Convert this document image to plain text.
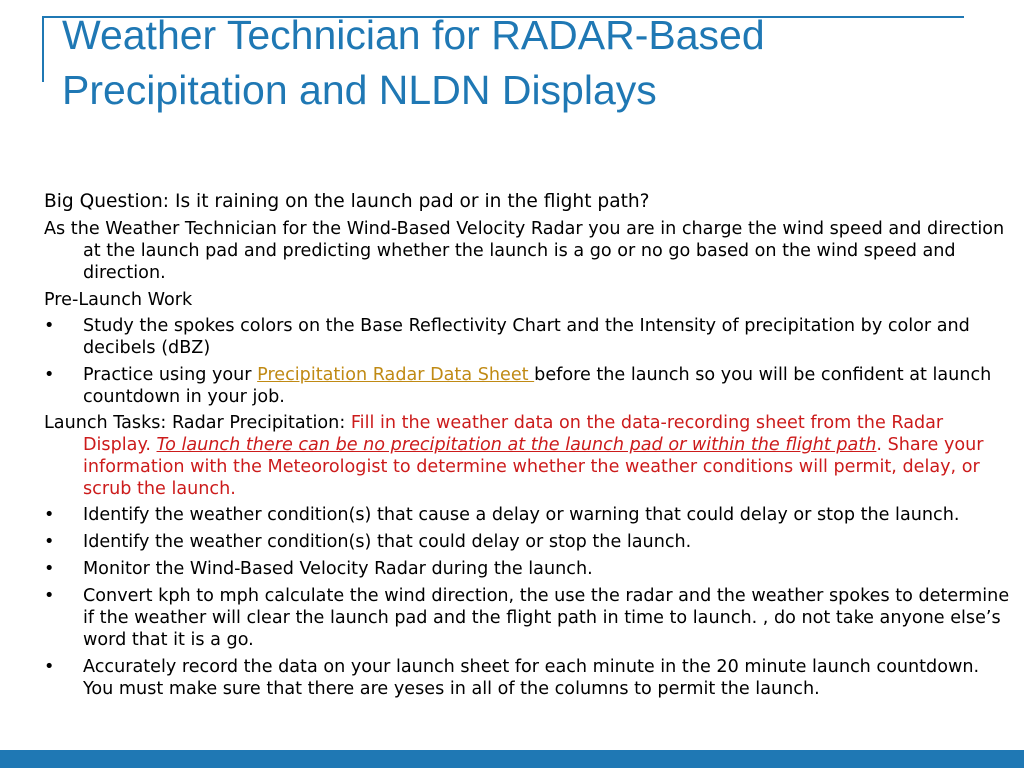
Weather Technician for RADAR-Based
Precipitation and NLDN Displays

Big Question: Is it raining on the launch pad or in the flight path?

As the Weather Technician for the Wind-Based Velocity Radar you are in charge the wind speed and direction at the launch pad and predicting whether the launch is a go or no go based on the wind speed and direction.

Pre-Launch Work

• Study the spokes colors on the Base Reflectivity Chart and the Intensity of precipitation by color and decibels (dBZ)
• Practice using your Precipitation Radar Data Sheet before the launch so you will be confident at launch countdown in your job.

Launch Tasks: Radar Precipitation: Fill in the weather data on the data-recording sheet from the Radar Display. To launch there can be no precipitation at the launch pad or within the flight path. Share your information with the Meteorologist to determine whether the weather conditions will permit, delay, or scrub the launch.

• Identify the weather condition(s) that cause a delay or warning that could delay or stop the launch.
• Identify the weather condition(s) that could delay or stop the launch.
• Monitor the Wind-Based Velocity Radar during the launch.
• Convert kph to mph calculate the wind direction, the use the radar and the weather spokes to determine if the weather will clear the launch pad and the flight path in time to launch. , do not take anyone else’s word that it is a go.
• Accurately record the data on your launch sheet for each minute in the 20 minute launch countdown. You must make sure that there are yeses in all of the columns to permit the launch.
